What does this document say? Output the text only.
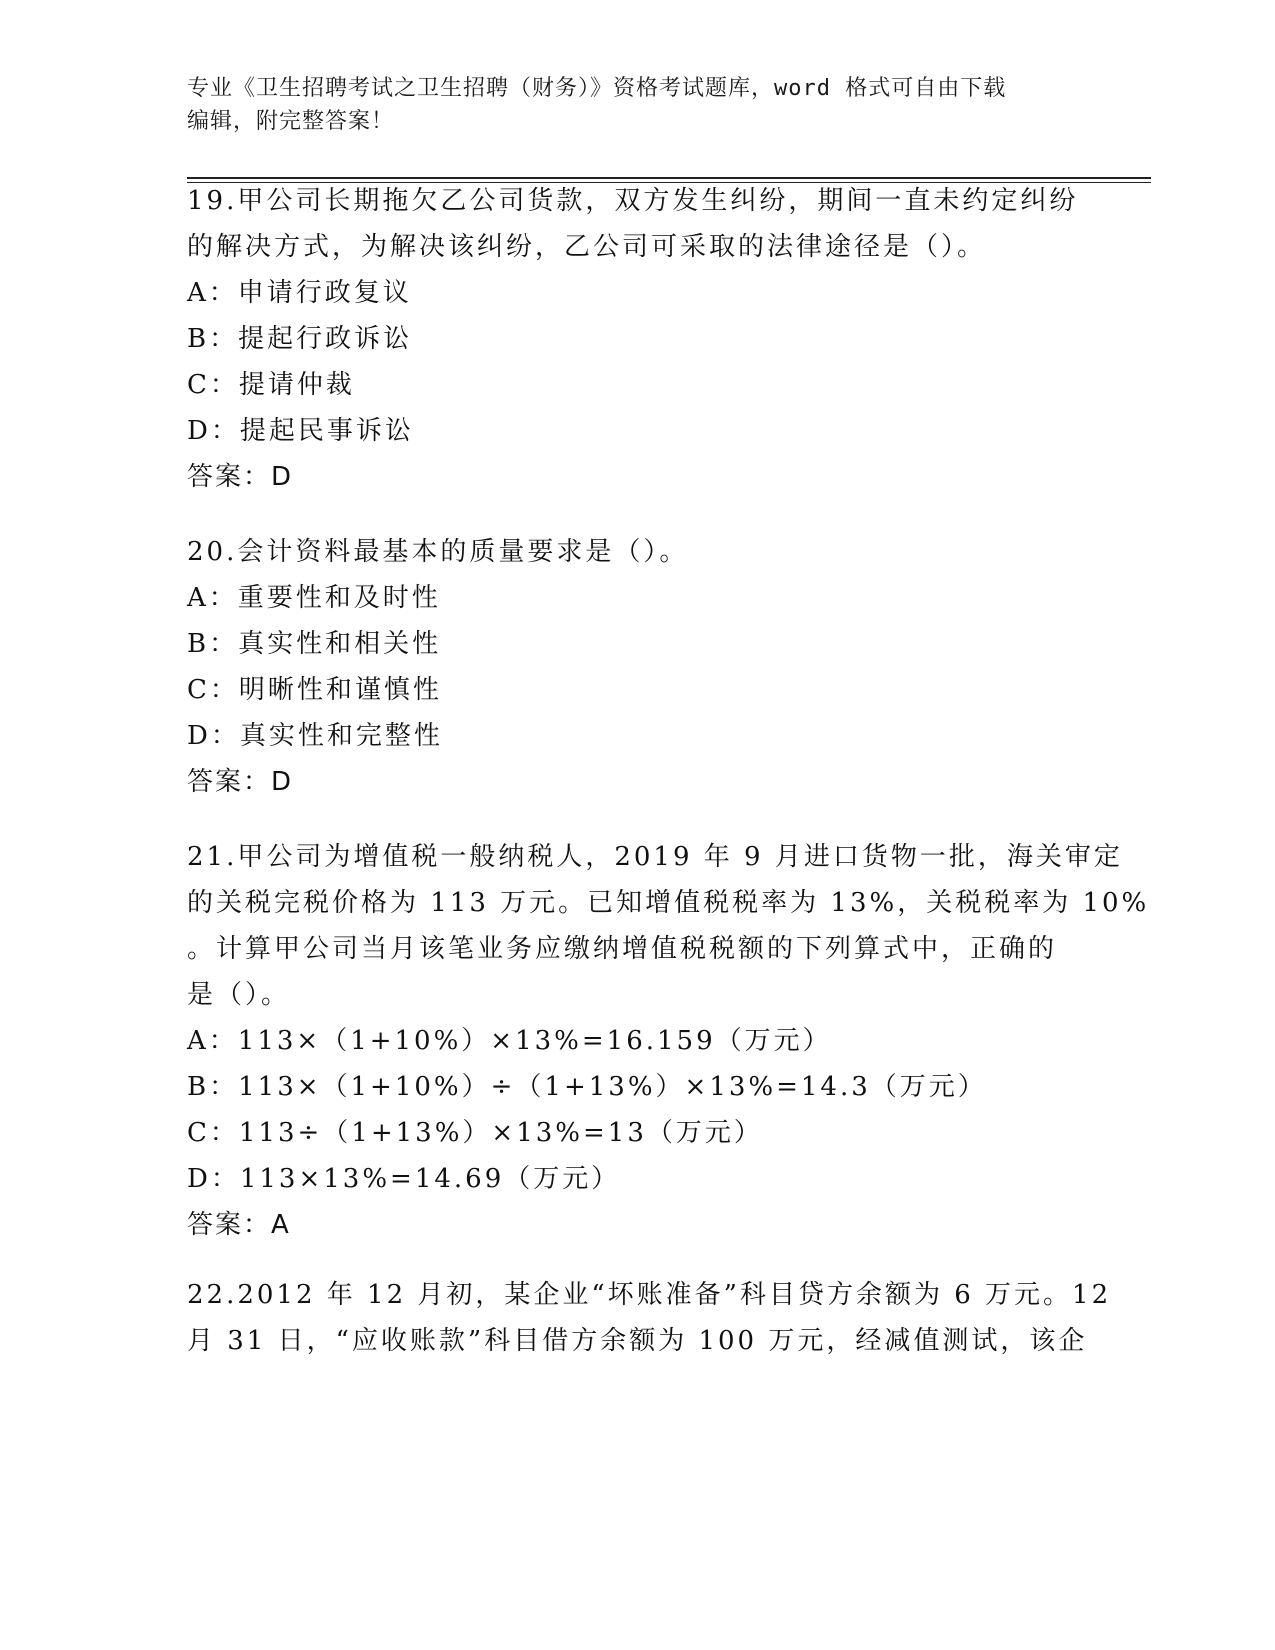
专业《卫生招聘考试之卫生招聘（财务）》资格考试题库，word 格式可自由下载
编辑，附完整答案！
19.甲公司长期拖欠乙公司货款，双方发生纠纷，期间一直未约定纠纷
的解决方式，为解决该纠纷，乙公司可采取的法律途径是（）。
A：申请行政复议
B：提起行政诉讼
C：提请仲裁
D：提起民事诉讼
答案：D
20.会计资料最基本的质量要求是（）。
A：重要性和及时性
B：真实性和相关性
C：明晰性和谨慎性
D：真实性和完整性
答案：D
21.甲公司为增值税一般纳税人，2019 年 9 月进口货物一批，海关审定
的关税完税价格为 113 万元。已知增值税税率为 13%，关税税率为 10%
。计算甲公司当月该笔业务应缴纳增值税税额的下列算式中，正确的
是（）。
A：113×（1+10%）×13%=16.159（万元）
B：113×（1+10%）÷（1+13%）×13%=14.3（万元）
C：113÷（1+13%）×13%=13（万元）
D：113×13%=14.69（万元）
答案：A
22.2012 年 12 月初，某企业“坏账准备”科目贷方余额为 6 万元。12
月 31 日，“应收账款”科目借方余额为 100 万元，经减值测试，该企
